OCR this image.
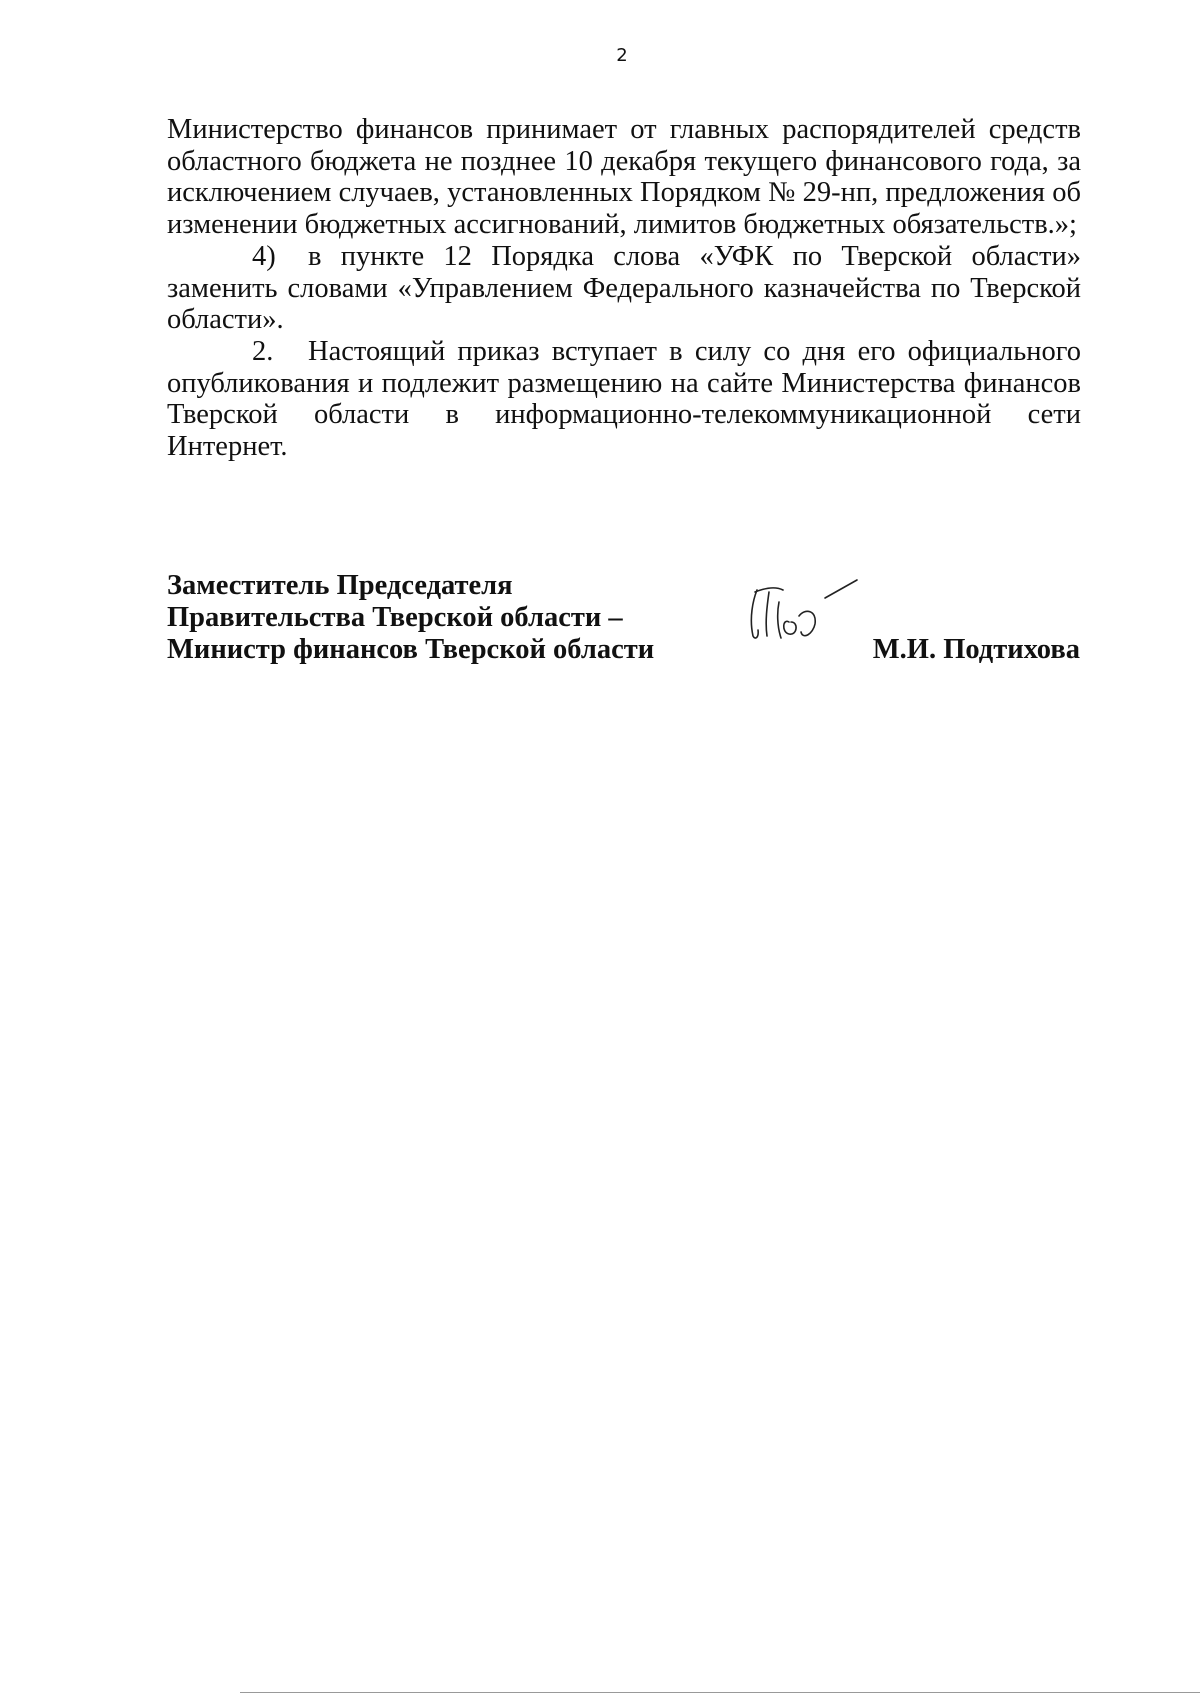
2
Министерство финансов принимает от главных распорядителей средств
областного бюджета не позднее 10 декабря текущего финансового года, за
исключением случаев, установленных Порядком № 29-нп, предложения об
изменении бюджетных ассигнований, лимитов бюджетных обязательств.»;
4) в пункте 12 Порядка слова «УФК по Тверской области»
заменить словами «Управлением Федерального казначейства по Тверской
области».
2. Настоящий приказ вступает в силу со дня его официального
опубликования и подлежит размещению на сайте Министерства финансов
Тверской области в информационно-телекоммуникационной сети
Интернет.
Заместитель Председателя
Правительства Тверской области –
Министр финансов Тверской области	М.И. Подтихова
